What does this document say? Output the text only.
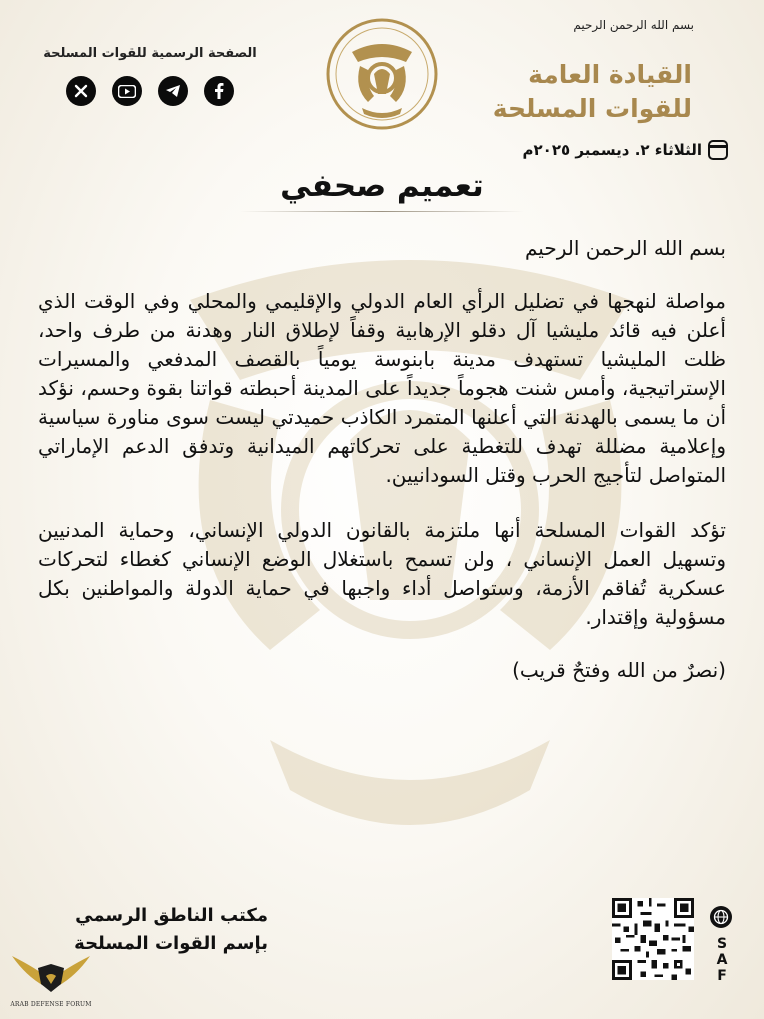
بسم الله الرحمن الرحيم
القيادة العامة
للقوات المسلحة
الصفحة الرسمية للقوات المسلحة
الثلاثاء ٢. ديسمبر ٢٠٢٥م
تعميم صحفي

بسم الله الرحمن الرحيم

مواصلة لنهجها في تضليل الرأي العام الدولي والإقليمي والمحلي وفي الوقت الذي أعلن فيه قائد مليشيا آل دقلو الإرهابية وقفاً لإطلاق النار وهدنة من طرف واحد، ظلت المليشيا تستهدف مدينة بابنوسة يومياً بالقصف المدفعي والمسيرات الإستراتيجية، وأمس شنت هجوماً جديداً على المدينة أحبطته قواتنا بقوة وحسم، نؤكد أن ما يسمى بالهدنة التي أعلنها المتمرد الكاذب حميدتي ليست سوى مناورة سياسية وإعلامية مضللة تهدف للتغطية على تحركاتهم الميدانية وتدفق الدعم الإماراتي المتواصل لتأجيج الحرب وقتل السودانيين.

تؤكد القوات المسلحة أنها ملتزمة بالقانون الدولي الإنساني، وحماية المدنيين وتسهيل العمل الإنساني ، ولن تسمح باستغلال الوضع الإنساني كغطاء لتحركات عسكرية تُفاقم الأزمة، وستواصل أداء واجبها في حماية الدولة والمواطنين بكل مسؤولية وإقتدار.

(نصرٌ من الله وفتحٌ قريب)

مكتب الناطق الرسمي
بإسم القوات المسلحة	S
A
F
ARAB DEFENSE FORUM
